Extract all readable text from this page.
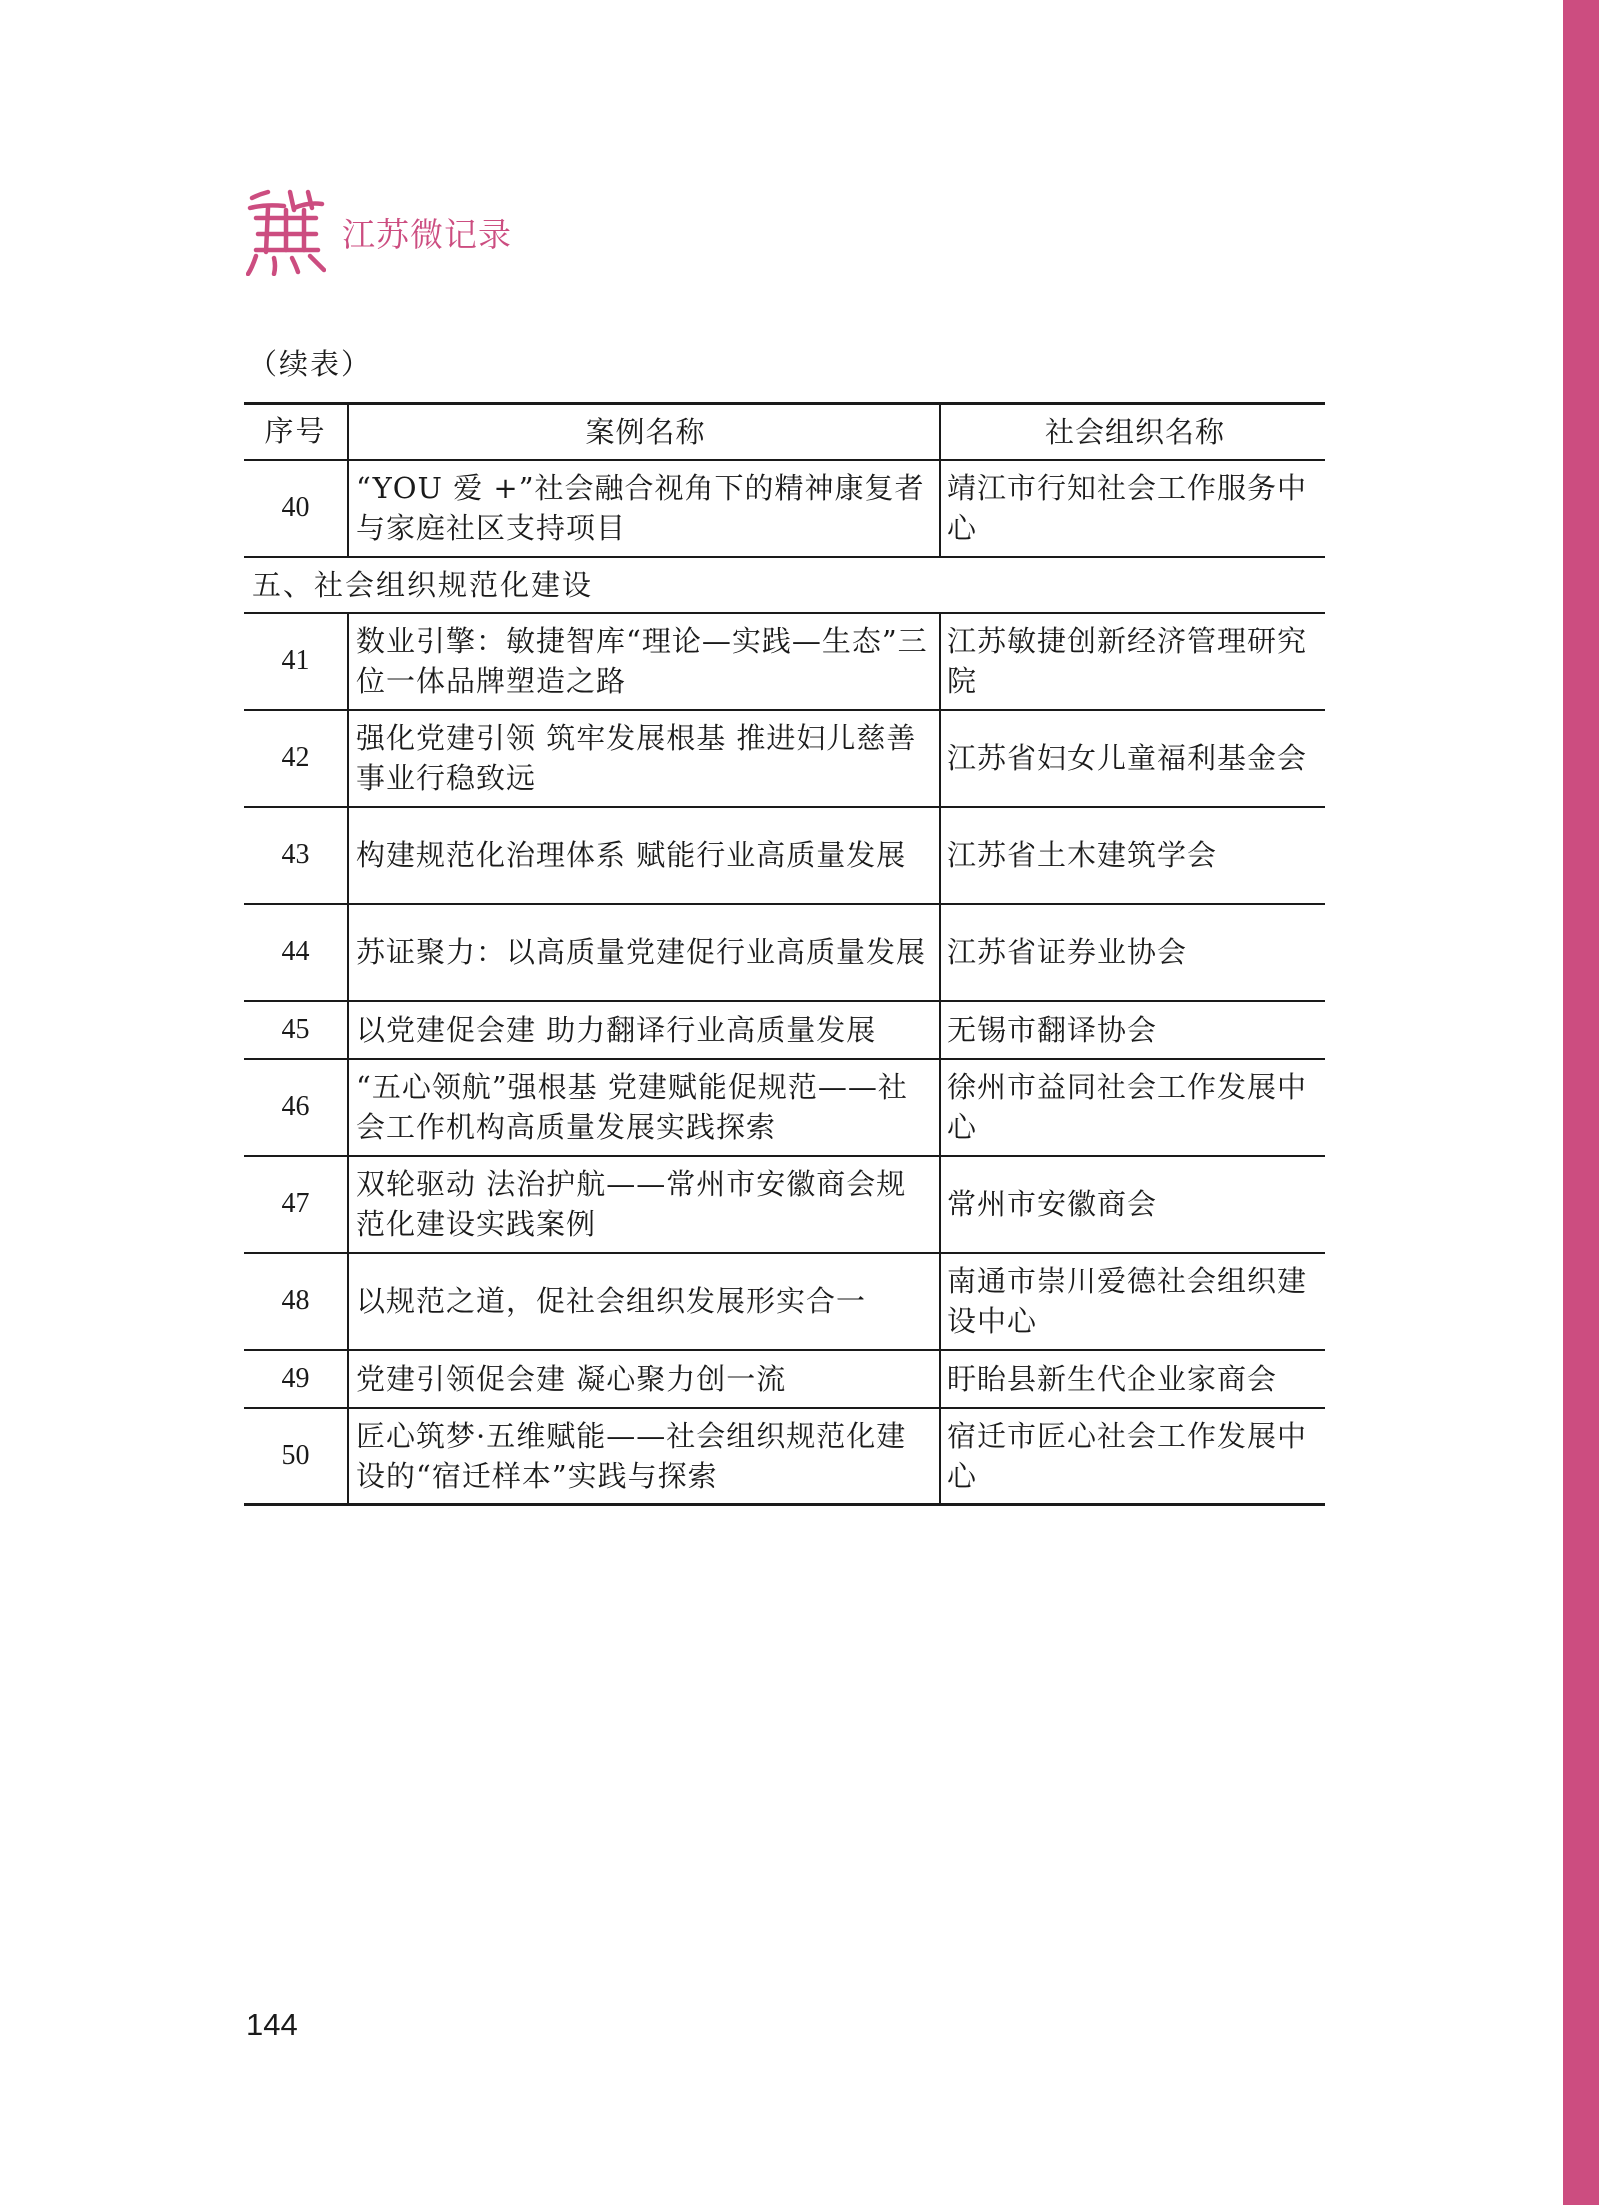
江苏微记录
（续表）
序号	案例名称	社会组织名称
40	“YOU 爱 +”社会融合视角下的精神康复者与家庭社区支持项目	靖江市行知社会工作服务中心
五、社会组织规范化建设		
41	数业引擎：敏捷智库“理论—实践—生态”三位一体品牌塑造之路	江苏敏捷创新经济管理研究院
42	强化党建引领 筑牢发展根基 推进妇儿慈善事业行稳致远	江苏省妇女儿童福利基金会
43	构建规范化治理体系 赋能行业高质量发展	江苏省土木建筑学会
44	苏证聚力：以高质量党建促行业高质量发展	江苏省证券业协会
45	以党建促会建 助力翻译行业高质量发展	无锡市翻译协会
46	“五心领航”强根基 党建赋能促规范——社会工作机构高质量发展实践探索	徐州市益同社会工作发展中心
47	双轮驱动 法治护航——常州市安徽商会规范化建设实践案例	常州市安徽商会
48	以规范之道，促社会组织发展形实合一	南通市崇川爱德社会组织建设中心
49	党建引领促会建 凝心聚力创一流	盱眙县新生代企业家商会
50	匠心筑梦·五维赋能——社会组织规范化建设的“宿迁样本”实践与探索	宿迁市匠心社会工作发展中心
144
